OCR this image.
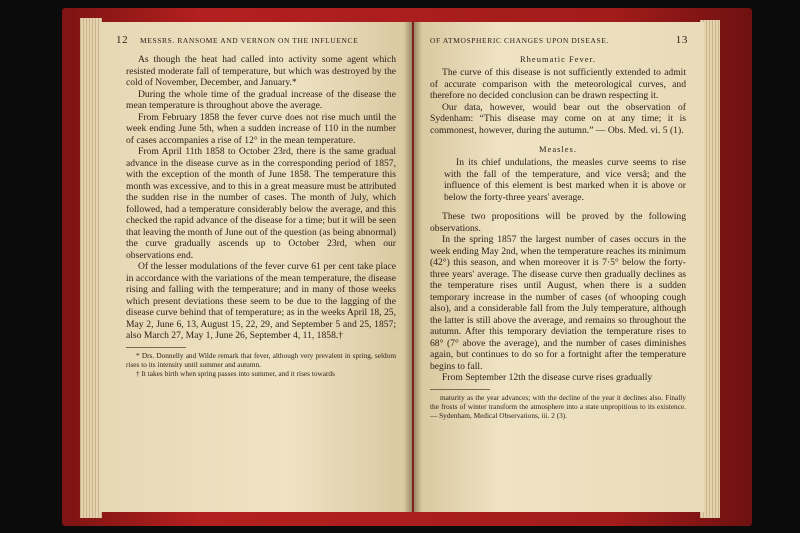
12 MESSRS. RANSOME AND VERNON ON THE INFLUENCE

As though the heat had called into activity some agent which resisted moderate fall of temperature, but which was destroyed by the cold of November, December, and January.*

During the whole time of the gradual increase of the disease the mean temperature is throughout above the average.

From February 1858 the fever curve does not rise much until the week ending June 5th, when a sudden increase of 110 in the number of cases accompanies a rise of 12° in the mean temperature.

From April 11th 1858 to October 23rd, there is the same gradual advance in the disease curve as in the corresponding period of 1857, with the exception of the month of June 1858. The temperature this month was excessive, and to this in a great measure must be attributed the sudden rise in the number of cases. The month of July, which followed, had a temperature considerably below the average, and this checked the rapid advance of the disease for a time; but it will be seen that leaving the month of June out of the question (as being abnormal) the curve gradually ascends up to October 23rd, when our observations end.

Of the lesser modulations of the fever curve 61 per cent take place in accordance with the variations of the mean temperature, the disease rising and falling with the temperature; and in many of those weeks which present deviations these seem to be due to the lagging of the disease curve behind that of temperature; as in the weeks April 18, 25, May 2, June 6, 13, August 15, 22, 29, and September 5 and 25, 1857; also March 27, May 1, June 26, September 4, 11, 1858.†

* Drs. Donnelly and Wilde remark that fever, although very prevalent in spring, seldom rises to its intensity until summer and autumn.

† It takes birth when spring passes into summer, and it rises towards

OF ATMOSPHERIC CHANGES UPON DISEASE.	13
Rheumatic Fever.

The curve of this disease is not sufficiently extended to admit of accurate comparison with the meteorological curves, and therefore no decided conclusion can be drawn respecting it.

Our data, however, would bear out the observation of Sydenham: “This disease may come on at any time; it is commonest, however, during the autumn.” — Obs. Med. vi. 5 (1).

Measles.

In its chief undulations, the measles curve seems to rise with the fall of the temperature, and vice versâ; and the influence of this element is best marked when it is above or below the forty-three years' average.

These two propositions will be proved by the following observations.

In the spring 1857 the largest number of cases occurs in the week ending May 2nd, when the temperature reaches its minimum (42°) this season, and when moreover it is 7·5° below the forty-three years' average. The disease curve then gradually declines as the temperature rises until August, when there is a sudden temporary increase in the number of cases (of whooping cough also), and a considerable fall from the July temperature, although the latter is still above the average, and remains so throughout the autumn. After this temporary deviation the temperature rises to 68° (7° above the average), and the number of cases diminishes again, but continues to do so for a fortnight after the temperature begins to fall.

From September 12th the disease curve rises gradually

maturity as the year advances; with the decline of the year it declines also. Finally the frosts of winter transform the atmosphere into a state unpropitious to its existence. — Sydenham, Medical Observations, iii. 2 (3).
